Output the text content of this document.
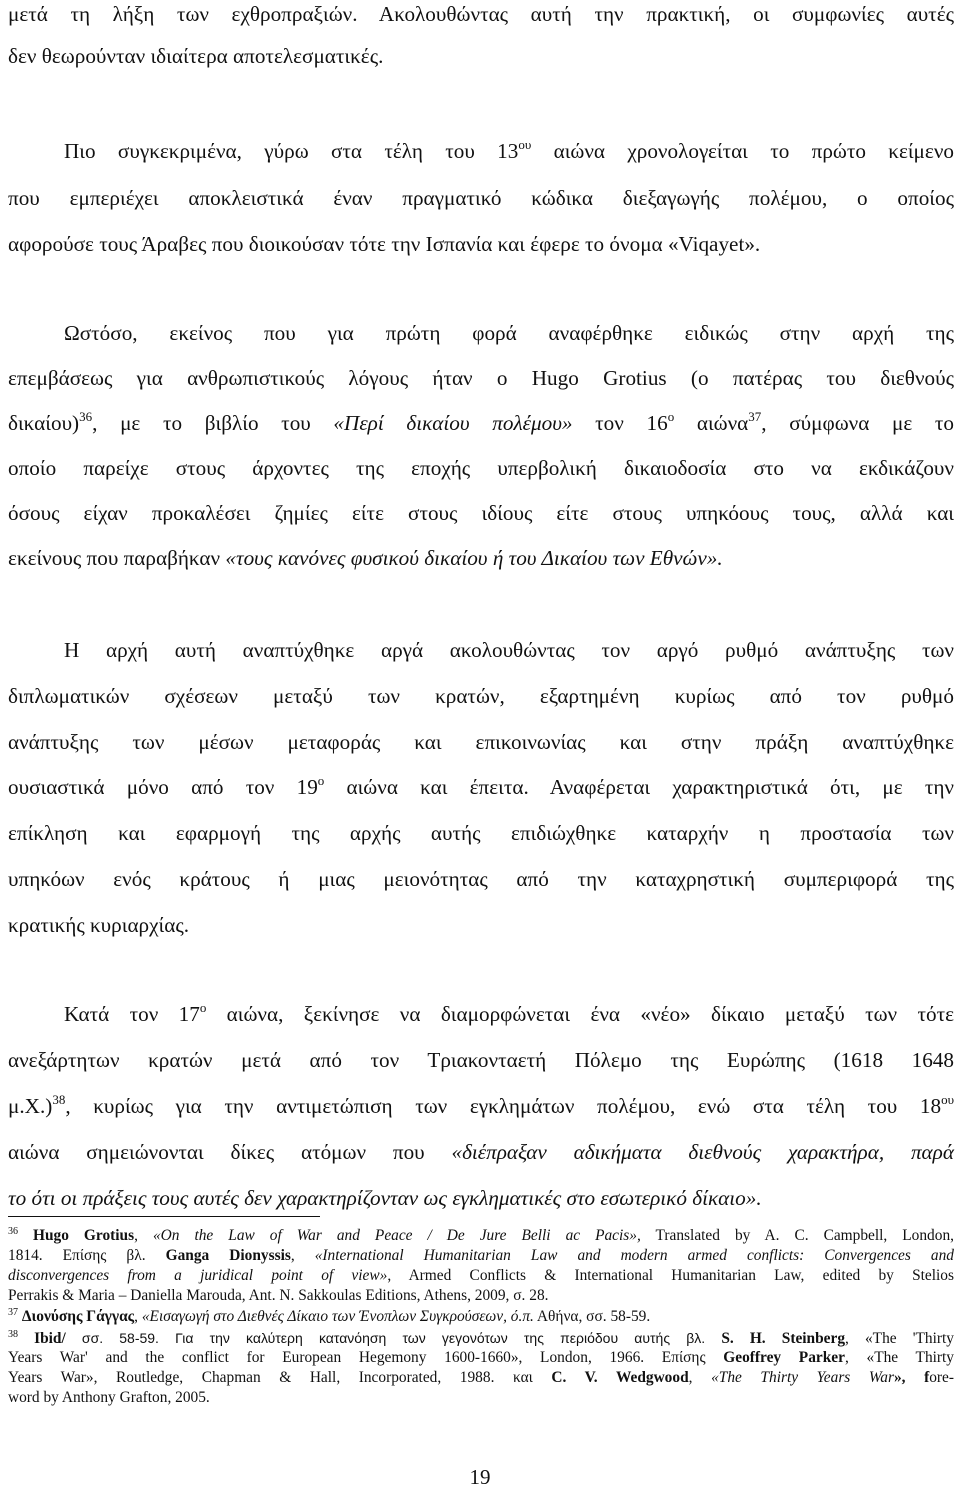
μετά τη λήξη των εχθροπραξιών. Ακολουθώντας αυτή την πρακτική, οι συμφωνίες αυτές
δεν θεωρούνταν ιδιαίτερα αποτελεσματικές.
Πιο συγκεκριμένα, γύρω στα τέλη του $13^{o\upsilon}$ αιώνα χρονολογείται το πρώτο κείμενο
που εμπεριέχει αποκλειστικά έναν πραγματικό κώδικα διεξαγωγής πολέμου, ο οποίος
αφορούσε τους Άραβες που διοικούσαν τότε την Ισπανία και έφερε το όνομα «Viqayet».
Ωστόσο, εκείνος που για πρώτη φορά αναφέρθηκε ειδικώς στην αρχή της
επεμβάσεως για ανθρωπιστικούς λόγους ήταν ο Hugo Grotius (ο πατέρας του διεθνούς
δικαίου)$^{36}$, με το βιβλίο του «Περί δικαίου πολέμου» τον $16^o$ αιώνα$^{37}$, σύμφωνα με το
οποίο παρείχε στους άρχοντες της εποχής υπερβολική δικαιοδοσία στο να εκδικάζουν
όσους είχαν προκαλέσει ζημίες είτε στους ιδίους είτε στους υπηκόους τους, αλλά και
εκείνους που παραβήκαν «τους κανόνες φυσικού δικαίου ή του Δικαίου των Εθνών».
Η αρχή αυτή αναπτύχθηκε αργά ακολουθώντας τον αργό ρυθμό ανάπτυξης των
διπλωματικών σχέσεων μεταξύ των κρατών, εξαρτημένη κυρίως από τον ρυθμό
ανάπτυξης των μέσων μεταφοράς και επικοινωνίας και στην πράξη αναπτύχθηκε
ουσιαστικά μόνο από τον $19^o$ αιώνα και έπειτα. Αναφέρεται χαρακτηριστικά ότι, με την
επίκληση και εφαρμογή της αρχής αυτής επιδιώχθηκε καταρχήν η προστασία των
υπηκόων ενός κράτους ή μιας μειονότητας από την καταχρηστική συμπεριφορά της
κρατικής κυριαρχίας.
Κατά τον $17^o$ αιώνα, ξεκίνησε να διαμορφώνεται ένα «νέο» δίκαιο μεταξύ των τότε
ανεξάρτητων κρατών μετά από τον Τριακονταετή Πόλεμο της Ευρώπης (1618 1648
μ.Χ.)$^{38}$, κυρίως για την αντιμετώπιση των εγκλημάτων πολέμου, ενώ στα τέλη του $18^{o\upsilon}$
αιώνα σημειώνονται δίκες ατόμων που «διέπραξαν αδικήματα διεθνούς χαρακτήρα, παρά
το ότι οι πράξεις τους αυτές δεν χαρακτηρίζονταν ως εγκληματικές στο εσωτερικό δίκαιο».
$^{36}$ Hugo Grotius, «On the Law of War and Peace / De Jure Belli ac Pacis», Translated by A. C. Campbell, London,
1814. Επίσης βλ. Ganga Dionyssis, «International Humanitarian Law and modern armed conflicts: Convergences and
disconvergences from a juridical point of view», Armed Conflicts & International Humanitarian Law, edited by Stelios
Perrakis & Maria – Daniella Marouda, Ant. N. Sakkoulas Editions, Athens, 2009, σ. 28.
$^{37}$ Διονύσης Γάγγας, «Εισαγωγή στο Διεθνές Δίκαιο των Ένοπλων Συγκρούσεων, ό.π. Αθήνα, σσ. 58-59.
$^{38}$ Ibid/ σσ. 58-59. Για την καλύτερη κατανόηση των γεγονότων της περιόδου αυτής βλ. S. H. Steinberg, «The 'Thirty
Years War' and the conflict for European Hegemony 1600-1660», London, 1966. Επίσης Geoffrey Parker, «The Thirty
Years War», Routledge, Chapman & Hall, Incorporated, 1988. και C. V. Wedgwood, «The Thirty Years War», fore-
word by Anthony Grafton, 2005.
19
